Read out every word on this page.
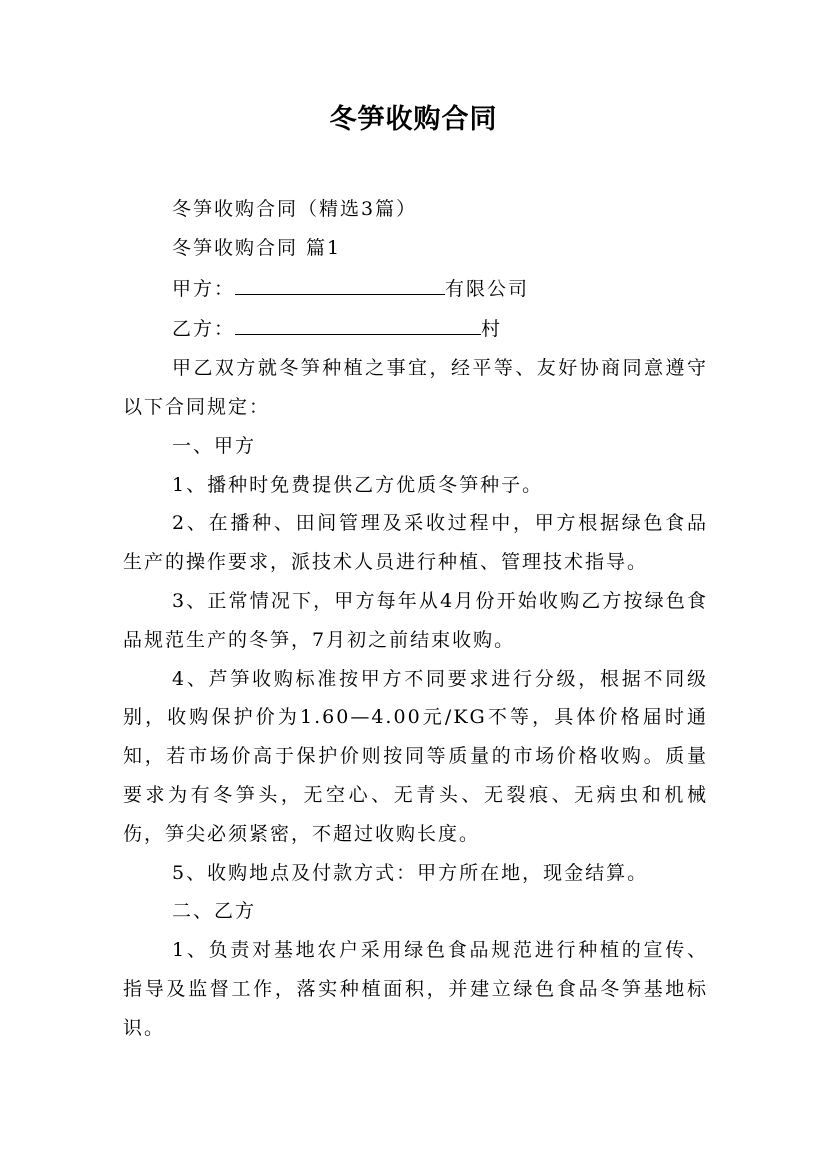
冬笋收购合同

冬笋收购合同（精选3篇）

冬笋收购合同 篇1

甲方：	有限公司

乙方：	村

甲乙双方就冬笋种植之事宜，经平等、友好协商同意遵守以下合同规定：

一、甲方

1、播种时免费提供乙方优质冬笋种子。

2、在播种、田间管理及采收过程中，甲方根据绿色食品生产的操作要求，派技术人员进行种植、管理技术指导。

3、正常情况下，甲方每年从4月份开始收购乙方按绿色食品规范生产的冬笋，7月初之前结束收购。

4、芦笋收购标准按甲方不同要求进行分级，根据不同级别，收购保护价为1.60—4.00元/KG不等，具体价格届时通知，若市场价高于保护价则按同等质量的市场价格收购。质量要求为有冬笋头，无空心、无青头、无裂痕、无病虫和机械伤，笋尖必须紧密，不超过收购长度。

5、收购地点及付款方式：甲方所在地，现金结算。

二、乙方

1、负责对基地农户采用绿色食品规范进行种植的宣传、指导及监督工作，落实种植面积，并建立绿色食品冬笋基地标识。
